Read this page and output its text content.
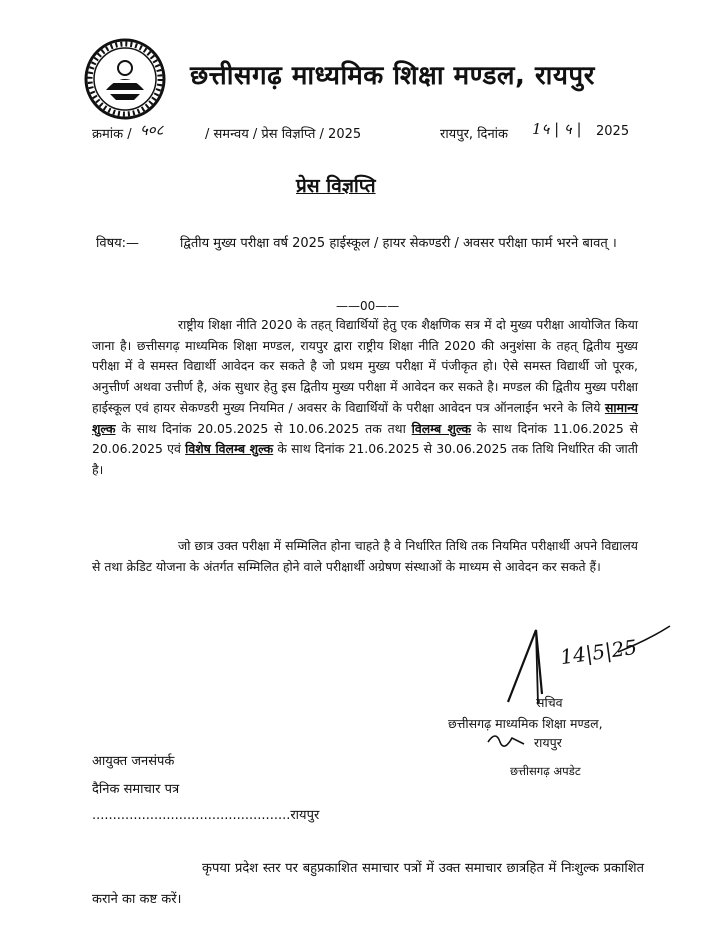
छत्तीसगढ़ माध्यमिक शिक्षा मण्डल, रायपुर
क्रमांक / ५०८	/ समन्वय / प्रेस विज्ञप्ति / 2025	रायपुर, दिनांक 1५ | ५ | 2025
प्रेस विज्ञप्ति
विषय:—	द्वितीय मुख्य परीक्षा वर्ष 2025 हाईस्कूल / हायर सेकण्डरी / अवसर परीक्षा फार्म भरने बावत् ।
——00——
राष्ट्रीय शिक्षा नीति 2020 के तहत् विद्यार्थियों हेतु एक शैक्षणिक सत्र में दो मुख्य परीक्षा आयोजित किया जाना है। छत्तीसगढ़ माध्यमिक शिक्षा मण्डल, रायपुर द्वारा राष्ट्रीय शिक्षा नीति 2020 की अनुशंसा के तहत् द्वितीय मुख्य परीक्षा में वे समस्त विद्यार्थी आवेदन कर सकते है जो प्रथम मुख्य परीक्षा में पंजीकृत हो। ऐसे समस्त विद्यार्थी जो पूरक, अनुत्तीर्ण अथवा उत्तीर्ण है, अंक सुधार हेतु इस द्वितीय मुख्य परीक्षा में आवेदन कर सकते है। मण्डल की द्वितीय मुख्य परीक्षा हाईस्कूल एवं हायर सेकण्डरी मुख्य नियमित / अवसर के विद्यार्थियों के परीक्षा आवेदन पत्र ऑनलाईन भरने के लिये सामान्य शुल्क के साथ दिनांक 20.05.2025 से 10.06.2025 तक तथा विलम्ब शुल्क के साथ दिनांक 11.06.2025 से 20.06.2025 एवं विशेष विलम्ब शुल्क के साथ दिनांक 21.06.2025 से 30.06.2025 तक तिथि निर्धारित की जाती है।
जो छात्र उक्त परीक्षा में सम्मिलित होना चाहते है वे निर्धारित तिथि तक नियमित परीक्षार्थी अपने विद्यालय से तथा क्रेडिट योजना के अंतर्गत सम्मिलित होने वाले परीक्षार्थी अग्रेषण संस्थाओं के माध्यम से आवेदन कर सकते हैं।
14|5|25
सचिव
छत्तीसगढ़ माध्यमिक शिक्षा मण्डल,
रायपुर
छत्तीसगढ़ अपडेट
आयुक्त जनसंपर्क
दैनिक समाचार पत्र
................................................रायपुर
कृपया प्रदेश स्तर पर बहुप्रकाशित समाचार पत्रों में उक्त समाचार छात्रहित में निःशुल्क प्रकाशित कराने का कष्ट करें।
